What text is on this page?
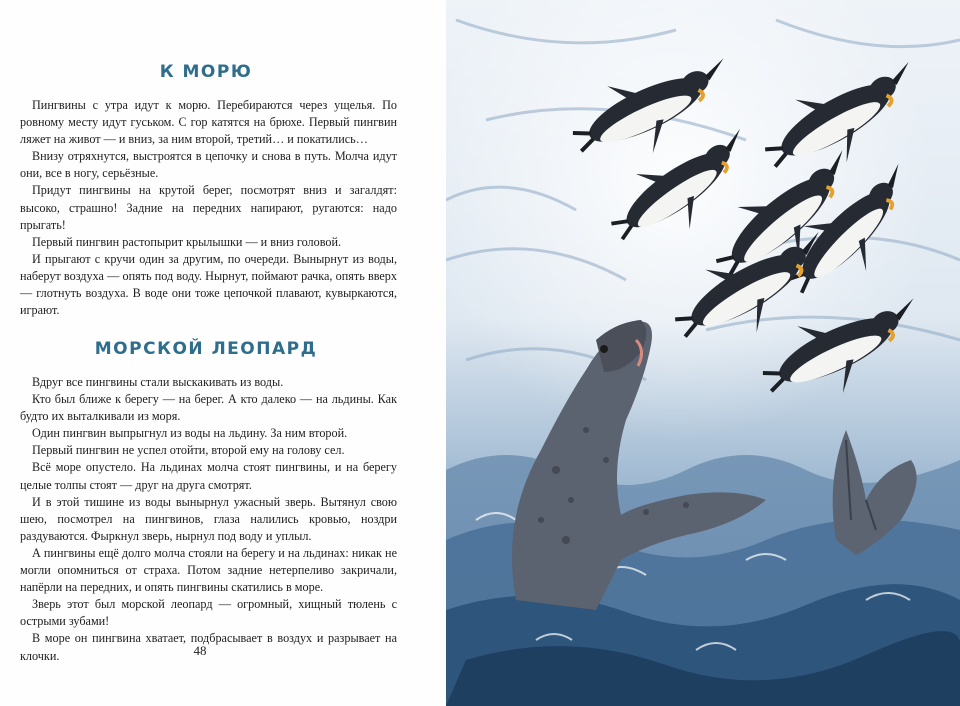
К МОРЮ

Пингвины с утра идут к морю. Перебираются через ущелья. По ровному месту идут гуськом. С гор катятся на брюхе. Первый пингвин ляжет на живот — и вниз, за ним второй, третий… и покатились…

Внизу отряхнутся, выстроятся в цепочку и снова в путь. Молча идут они, все в ногу, серьёзные.

Придут пингвины на крутой берег, посмотрят вниз и загалдят: высоко, страшно! Задние на передних напирают, ругаются: надо прыгать!

Первый пингвин растопырит крылышки — и вниз головой.

И прыгают с кручи один за другим, по очереди. Вынырнут из воды, наберут воздуха — опять под воду. Нырнут, поймают рачка, опять вверх — глотнуть воздуха. В воде они тоже цепочкой плавают, кувыркаются, играют.

МОРСКОЙ ЛЕОПАРД

Вдруг все пингвины стали выскакивать из воды.

Кто был ближе к берегу — на берег. А кто далеко — на льдины. Как будто их выталкивали из моря.

Один пингвин выпрыгнул из воды на льдину. За ним второй.

Первый пингвин не успел отойти, второй ему на голову сел.

Всё море опустело. На льдинах молча стоят пингвины, и на берегу целые толпы стоят — друг на друга смотрят.

И в этой тишине из воды вынырнул ужасный зверь. Вытянул свою шею, посмотрел на пингвинов, глаза налились кровью, ноздри раздуваются. Фыркнул зверь, нырнул под воду и уплыл.

А пингвины ещё долго молча стояли на берегу и на льдинах: никак не могли опомниться от страха. Потом задние нетерпеливо закричали, напёрли на передних, и опять пингвины скатились в море.

Зверь этот был морской леопард — огромный, хищный тюлень с острыми зубами!

В море он пингвина хватает, подбрасывает в воздух и разрывает на клочки.	48
